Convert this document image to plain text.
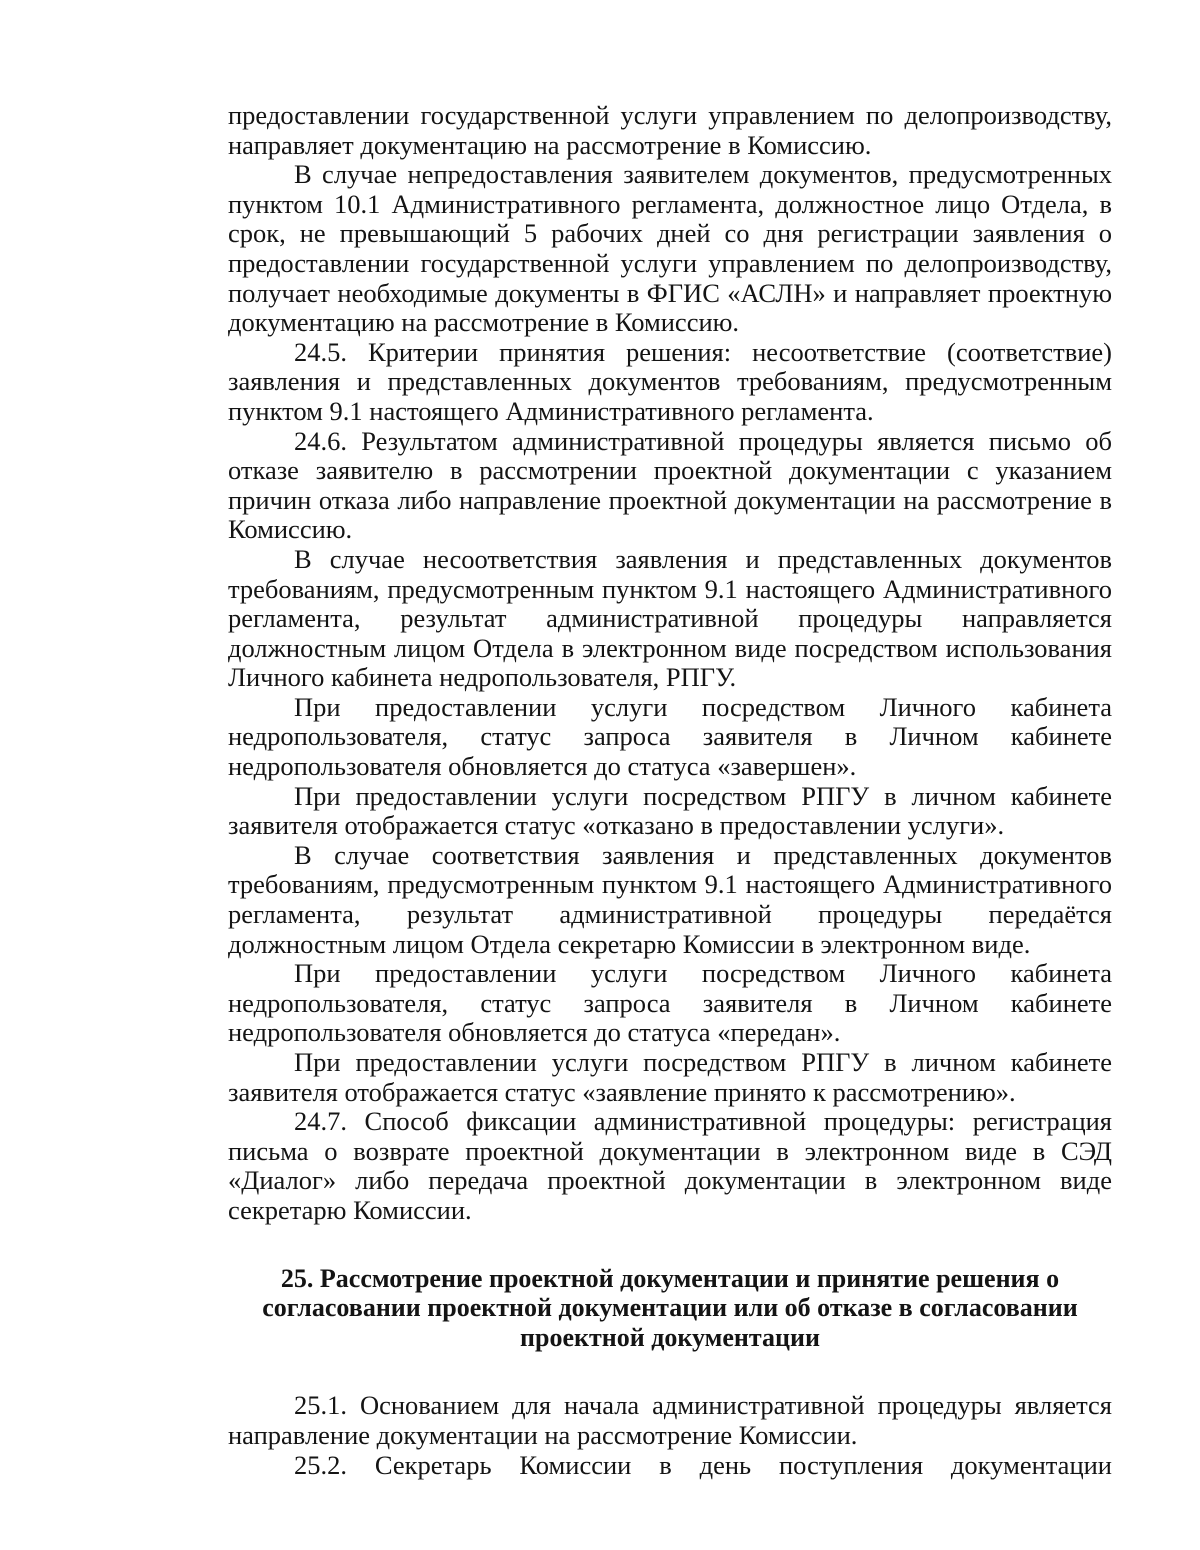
предоставлении государственной услуги управлением по делопроизводству, направляет документацию на рассмотрение в Комиссию.

В случае непредоставления заявителем документов, предусмотренных пунктом 10.1 Административного регламента, должностное лицо Отдела, в срок, не превышающий 5 рабочих дней со дня регистрации заявления о предоставлении государственной услуги управлением по делопроизводству, получает необходимые документы в ФГИС «АСЛН» и направляет проектную документацию на рассмотрение в Комиссию.

24.5. Критерии принятия решения: несоответствие (соответствие) заявления и представленных документов требованиям, предусмотренным пунктом 9.1 настоящего Административного регламента.

24.6. Результатом административной процедуры является письмо об отказе заявителю в рассмотрении проектной документации с указанием причин отказа либо направление проектной документации на рассмотрение в Комиссию.

В случае несоответствия заявления и представленных документов требованиям, предусмотренным пунктом 9.1 настоящего Административного регламента, результат административной процедуры направляется должностным лицом Отдела в электронном виде посредством использования Личного кабинета недропользователя, РПГУ.

При предоставлении услуги посредством Личного кабинета недропользователя, статус запроса заявителя в Личном кабинете недропользователя обновляется до статуса «завершен».

При предоставлении услуги посредством РПГУ в личном кабинете заявителя отображается статус «отказано в предоставлении услуги».

В случае соответствия заявления и представленных документов требованиям, предусмотренным пунктом 9.1 настоящего Административного регламента, результат административной процедуры передаётся должностным лицом Отдела секретарю Комиссии в электронном виде.

При предоставлении услуги посредством Личного кабинета недропользователя, статус запроса заявителя в Личном кабинете недропользователя обновляется до статуса «передан».

При предоставлении услуги посредством РПГУ в личном кабинете заявителя отображается статус «заявление принято к рассмотрению».

24.7. Способ фиксации административной процедуры: регистрация письма о возврате проектной документации в электронном виде в СЭД «Диалог» либо передача проектной документации в электронном виде секретарю Комиссии.

25. Рассмотрение проектной документации и принятие решения о
согласовании проектной документации или об отказе в согласовании
проектной документации

25.1. Основанием для начала административной процедуры является направление документации на рассмотрение Комиссии.

25.2. Секретарь Комиссии в день поступления документации
